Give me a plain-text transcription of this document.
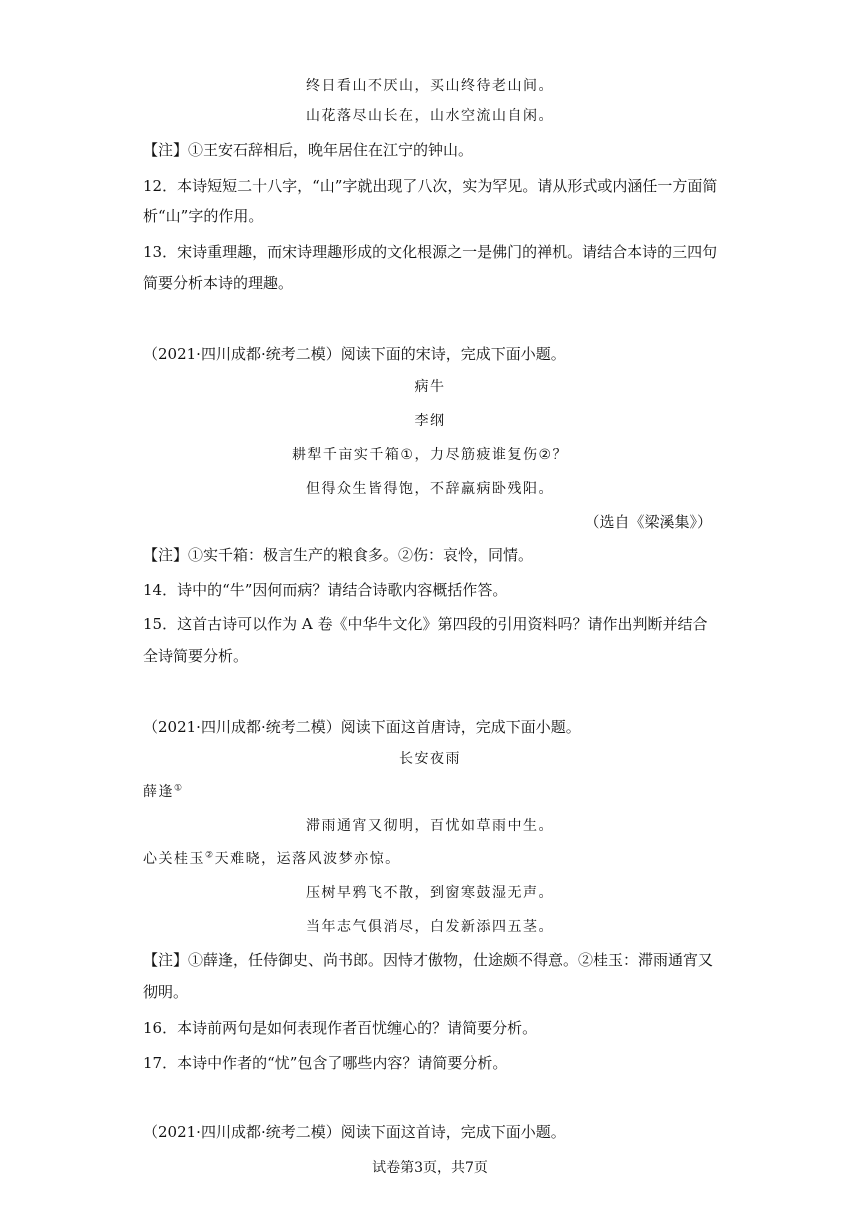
终日看山不厌山，买山终待老山间。
山花落尽山长在，山水空流山自闲。
【注】①王安石辞相后，晚年居住在江宁的钟山。
12．本诗短短二十八字，“山”字就出现了八次，实为罕见。请从形式或内涵任一方面简
析“山”字的作用。
13．宋诗重理趣，而宋诗理趣形成的文化根源之一是佛门的禅机。请结合本诗的三四句
简要分析本诗的理趣。
（2021·四川成都·统考二模）阅读下面的宋诗，完成下面小题。
病牛
李纲
耕犁千亩实千箱①，力尽筋疲谁复伤②？
但得众生皆得饱，不辞羸病卧残阳。
（选自《梁溪集》）
【注】①实千箱：极言生产的粮食多。②伤：哀怜，同情。
14．诗中的“牛”因何而病？请结合诗歌内容概括作答。
15．这首古诗可以作为 A 卷《中华牛文化》第四段的引用资料吗？请作出判断并结合
全诗简要分析。
（2021·四川成都·统考二模）阅读下面这首唐诗，完成下面小题。
长安夜雨
薛逢①
滞雨通宵又彻明，百忧如草雨中生。
心关桂玉②天难晓，运落风波梦亦惊。
压树早鸦飞不散，到窗寒鼓湿无声。
当年志气俱消尽，白发新添四五茎。
【注】①薛逢，任侍御史、尚书郎。因恃才傲物，仕途颇不得意。②桂玉：滞雨通宵又
彻明。
16．本诗前两句是如何表现作者百忧缠心的？请简要分析。
17．本诗中作者的“忧”包含了哪些内容？请简要分析。
（2021·四川成都·统考二模）阅读下面这首诗，完成下面小题。
试卷第3页，共7页
